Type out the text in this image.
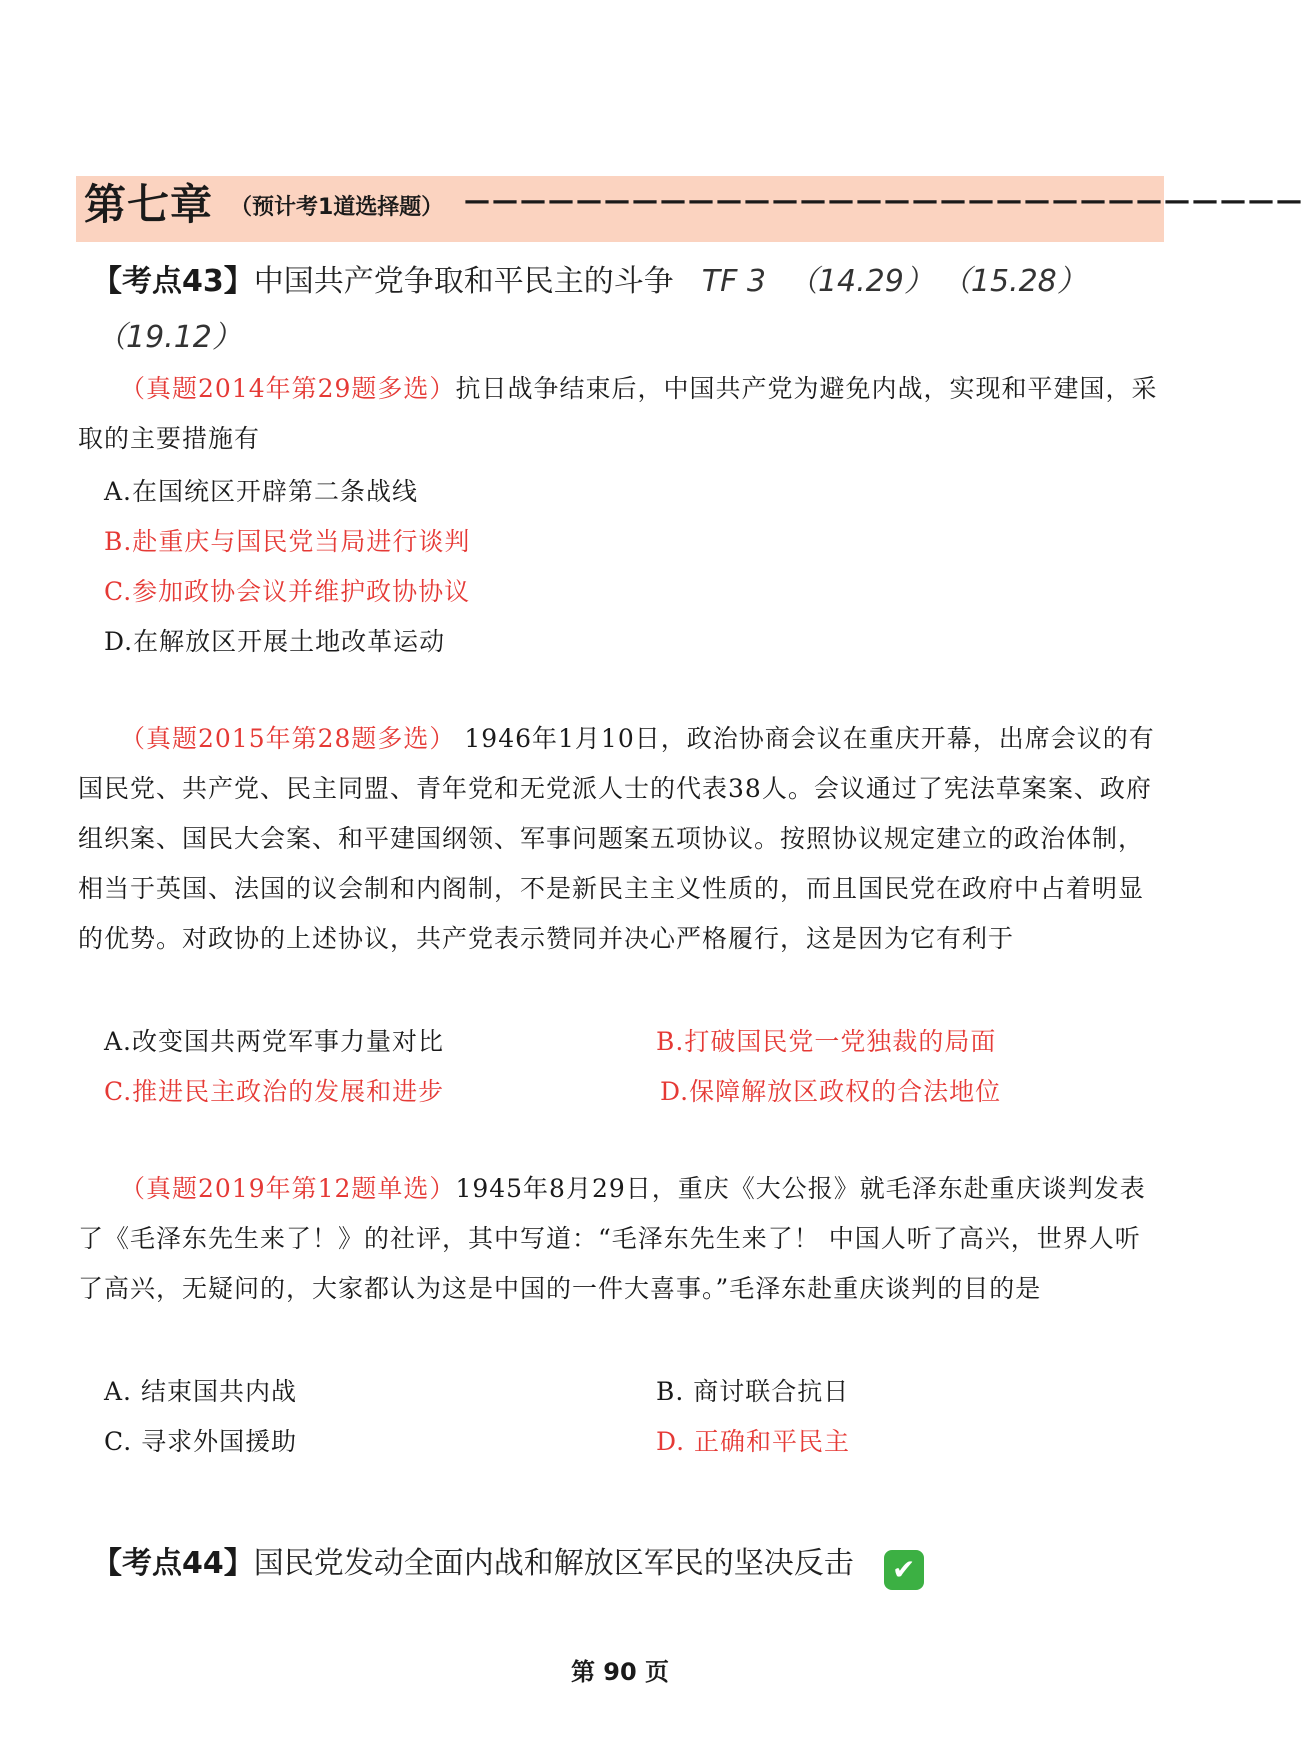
第七章 （预计考1道选择题） ——————————————————————————————
【考点43】中国共产党争取和平民主的斗争 TF 3 （14.29） （15.28）
（19.12）

（真题2014年第29题多选）抗日战争结束后，中国共产党为避免内战，实现和平建国，采取的主要措施有

A.在国统区开辟第二条战线
B.赴重庆与国民党当局进行谈判
C.参加政协会议并维护政协协议
D.在解放区开展土地改革运动

（真题2015年第28题多选） 1946年1月10日，政治协商会议在重庆开幕，出席会议的有国民党、共产党、民主同盟、青年党和无党派人士的代表38人。会议通过了宪法草案案、政府组织案、国民大会案、和平建国纲领、军事问题案五项协议。按照协议规定建立的政治体制，相当于英国、法国的议会制和内阁制，不是新民主主义性质的，而且国民党在政府中占着明显的优势。对政协的上述协议，共产党表示赞同并决心严格履行，这是因为它有利于

A.改变国共两党军事力量对比	B.打破国民党一党独裁的局面
C.推进民主政治的发展和进步	D.保障解放区政权的合法地位

（真题2019年第12题单选）1945年8月29日，重庆《大公报》就毛泽东赴重庆谈判发表了《毛泽东先生来了！》的社评，其中写道：“毛泽东先生来了！ 中国人听了高兴，世界人听了高兴，无疑问的，大家都认为这是中国的一件大喜事。”毛泽东赴重庆谈判的目的是

A. 结束国共内战	B. 商讨联合抗日
C. 寻求外国援助	D. 正确和平民主
【考点44】国民党发动全面内战和解放区军民的坚决反击 ✔
第 90 页
